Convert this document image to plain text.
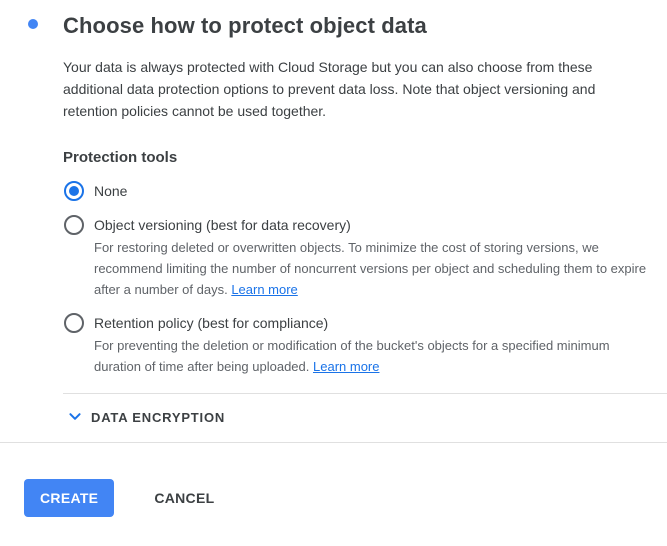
Choose how to protect object data

Your data is always protected with Cloud Storage but you can also choose from these additional data protection options to prevent data loss. Note that object versioning and retention policies cannot be used together.

Protection tools
None
Object versioning (best for data recovery)
For restoring deleted or overwritten objects. To minimize the cost of storing versions, we recommend limiting the number of noncurrent versions per object and scheduling them to expire after a number of days. Learn more
Retention policy (best for compliance)
For preventing the deletion or modification of the bucket's objects for a specified minimum duration of time after being uploaded. Learn more
DATA ENCRYPTION
CREATE	CANCEL
